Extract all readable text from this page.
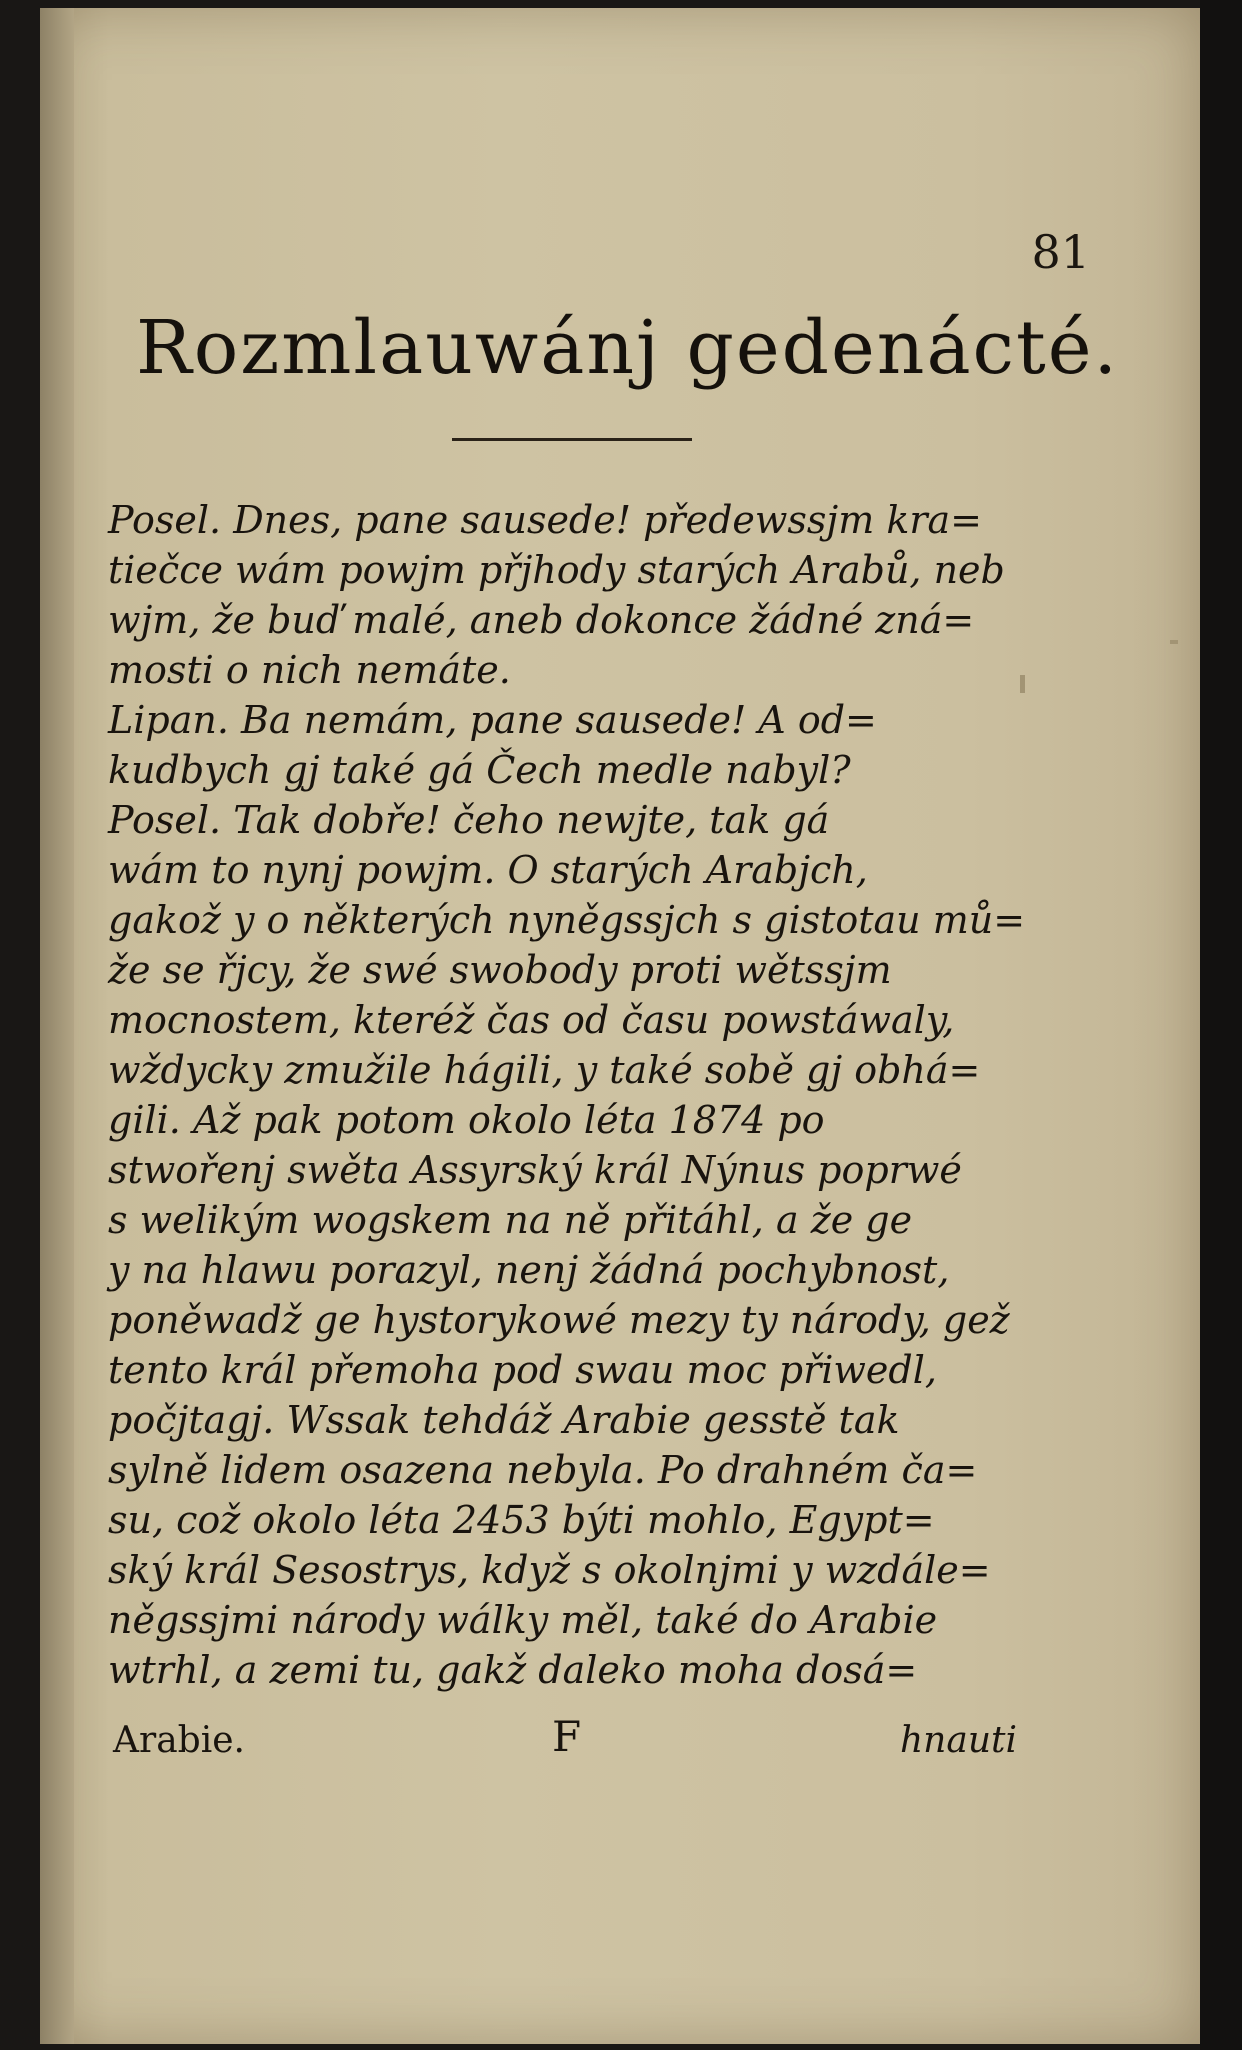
81
Rozmlauwánj gedenácté.
Posel. Dnes, pane sausede! předewssjm kra=
tiečce wám powjm přjhody starých Arabů, neb
wjm, že buď malé, aneb dokonce žádné zná=
mosti o nich nemáte.
Lipan. Ba nemám, pane sausede! A od=
kudbych gj také gá Čech medle nabyl?
Posel. Tak dobře! čeho newjte, tak gá
wám to nynj powjm. O starých Arabjch,
gakož y o některých nyněgssjch s gistotau mů=
že se řjcy, že swé swobody proti wětssjm
mocnostem, kteréž čas od času powstáwaly,
wždycky zmužile hágili, y také sobě gj obhá=
gili. Až pak potom okolo léta 1874 po
stwořenj swěta Assyrský král Nýnus poprwé
s welikým wogskem na ně přitáhl, a že ge
y na hlawu porazyl, nenj žádná pochybnost,
poněwadž ge hystorykowé mezy ty národy, gež
tento král přemoha pod swau moc přiwedl,
počjtagj. Wssak tehdáž Arabie gesstě tak
sylně lidem osazena nebyla. Po drahném ča=
su, což okolo léta 2453 býti mohlo, Egypt=
ský král Sesostrys, když s okolnjmi y wzdále=
něgssjmi národy wálky měl, také do Arabie
wtrhl, a zemi tu, gakž daleko moha dosá=
Arabie.	F	hnauti
